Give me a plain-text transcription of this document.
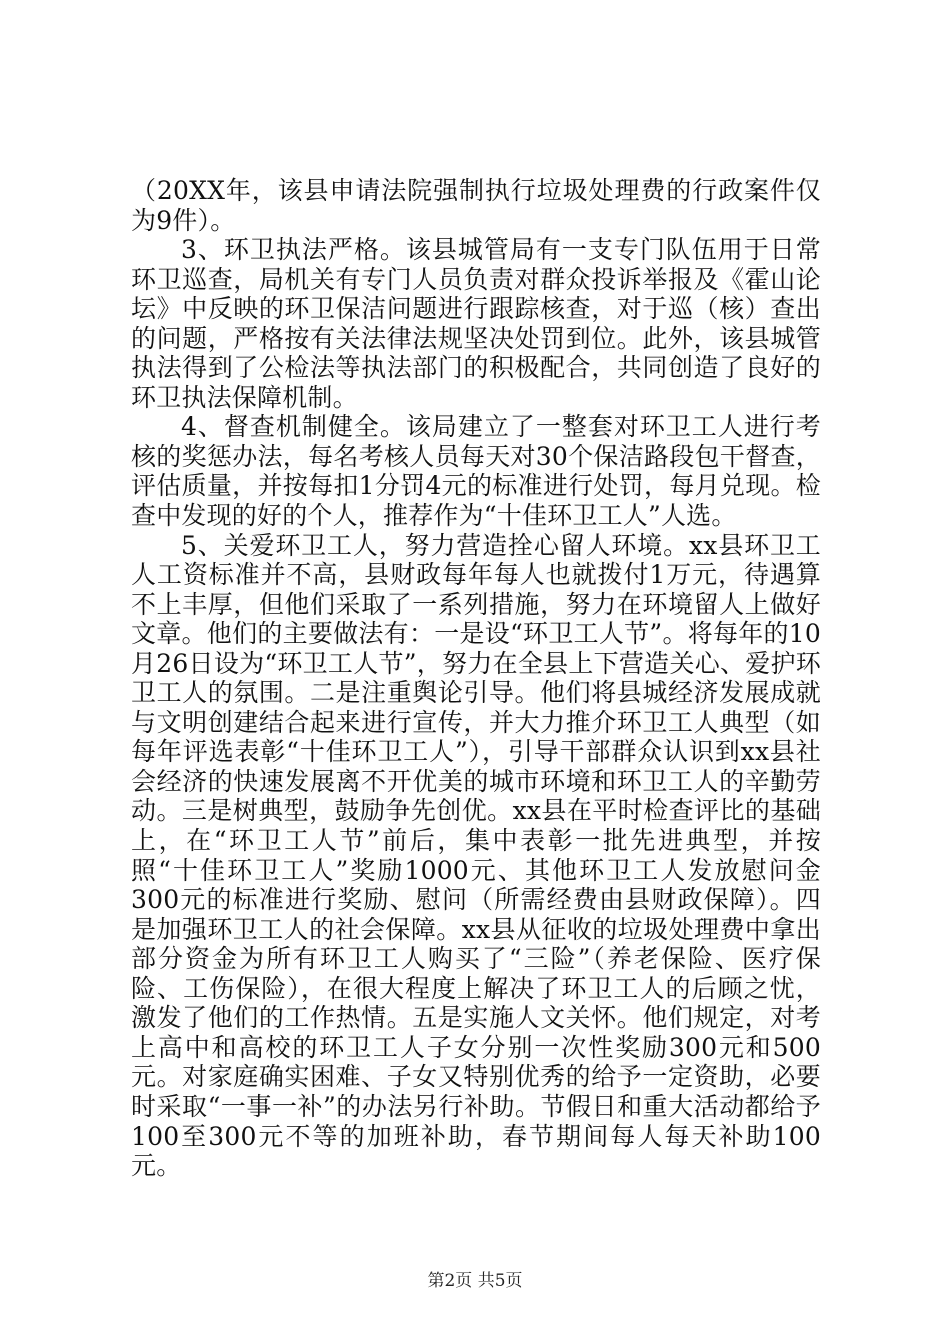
（20XX年，该县申请法院强制执行垃圾处理费的行政案件仅为9件）。

3、环卫执法严格。该县城管局有一支专门队伍用于日常环卫巡查，局机关有专门人员负责对群众投诉举报及《霍山论坛》中反映的环卫保洁问题进行跟踪核查，对于巡（核）查出的问题，严格按有关法律法规坚决处罚到位。此外，该县城管执法得到了公检法等执法部门的积极配合，共同创造了良好的环卫执法保障机制。

4、督查机制健全。该局建立了一整套对环卫工人进行考核的奖惩办法，每名考核人员每天对30个保洁路段包干督查，评估质量，并按每扣1分罚4元的标准进行处罚，每月兑现。检查中发现的好的个人，推荐作为“十佳环卫工人”人选。

5、关爱环卫工人，努力营造拴心留人环境。xx县环卫工人工资标准并不高，县财政每年每人也就拨付1万元，待遇算不上丰厚，但他们采取了一系列措施，努力在环境留人上做好文章。他们的主要做法有：一是设“环卫工人节”。将每年的10月26日设为“环卫工人节”，努力在全县上下营造关心、爱护环卫工人的氛围。二是注重舆论引导。他们将县城经济发展成就与文明创建结合起来进行宣传，并大力推介环卫工人典型（如每年评选表彰“十佳环卫工人”），引导干部群众认识到xx县社会经济的快速发展离不开优美的城市环境和环卫工人的辛勤劳动。三是树典型，鼓励争先创优。xx县在平时检查评比的基础上，在“环卫工人节”前后，集中表彰一批先进典型，并按照“十佳环卫工人”奖励1000元、其他环卫工人发放慰问金300元的标准进行奖励、慰问（所需经费由县财政保障）。四是加强环卫工人的社会保障。xx县从征收的垃圾处理费中拿出部分资金为所有环卫工人购买了“三险”（养老保险、医疗保险、工伤保险），在很大程度上解决了环卫工人的后顾之忧，激发了他们的工作热情。五是实施人文关怀。他们规定，对考上高中和高校的环卫工人子女分别一次性奖励300元和500元。对家庭确实困难、子女又特别优秀的给予一定资助，必要时采取“一事一补”的办法另行补助。节假日和重大活动都给予100至300元不等的加班补助，春节期间每人每天补助100元。

第2页 共5页
